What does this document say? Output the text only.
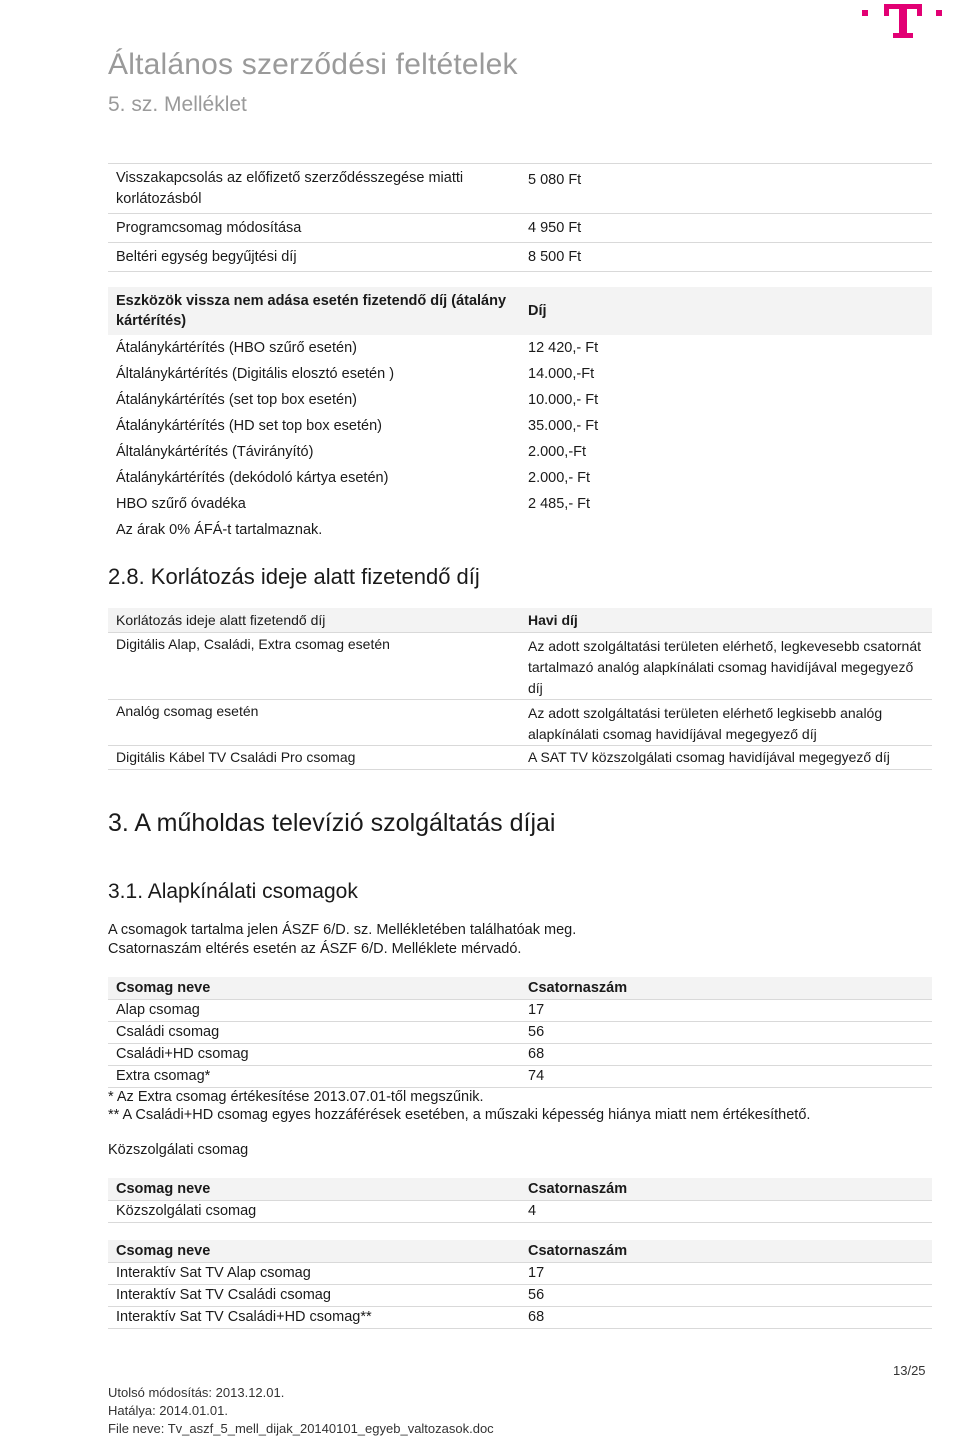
Általános szerződési feltételek
5. sz. Melléklet
Visszakapcsolás az előfizető szerződésszegése miatti korlátozásból	5 080 Ft
Programcsomag módosítása	4 950 Ft
Beltéri egység begyűjtési díj	8 500 Ft

Eszközök vissza nem adása esetén fizetendő díj (átalány kártérítés)	Díj
Átalánykártérítés (HBO szűrő esetén)	12 420,- Ft
Általánykártérítés (Digitális elosztó esetén )	14.000,-Ft
Átalánykártérítés (set top box esetén)	10.000,- Ft
Átalánykártérítés (HD set top box esetén)	35.000,- Ft
Általánykártérítés (Távirányító)	2.000,-Ft
Átalánykártérítés (dekódoló kártya esetén)	2.000,- Ft
HBO szűrő óvadéka	2 485,- Ft
Az árak 0% ÁFÁ-t tartalmaznak.	
2.8. Korlátozás ideje alatt fizetendő díj
Korlátozás ideje alatt fizetendő díj	Havi díj
Digitális Alap, Családi, Extra csomag esetén	Az adott szolgáltatási területen elérhető, legkevesebb csatornát tartalmazó analóg alapkínálati csomag havidíjával megegyező díj
Analóg csomag esetén	Az adott szolgáltatási területen elérhető legkisebb analóg alapkínálati csomag havidíjával megegyező díj
Digitális Kábel TV Családi Pro csomag	A SAT TV közszolgálati csomag havidíjával megegyező díj
3. A műholdas televízió szolgáltatás díjai
3.1. Alapkínálati csomagok
A csomagok tartalma jelen ÁSZF 6/D. sz. Mellékletében találhatóak meg.
Csatornaszám eltérés esetén az ÁSZF 6/D. Melléklete mérvadó.
Csomag neve	Csatornaszám
Alap csomag	17
Családi csomag	56
Családi+HD csomag	68
Extra csomag*	74
* Az Extra csomag értékesítése 2013.07.01-től megszűnik.
** A Családi+HD csomag egyes hozzáférések esetében, a műszaki képesség hiánya miatt nem értékesíthető.
Közszolgálati csomag
Csomag neve	Csatornaszám
Közszolgálati csomag	4
Csomag neve	Csatornaszám
Interaktív Sat TV Alap csomag	17
Interaktív Sat TV Családi csomag	56
Interaktív Sat TV Családi+HD csomag**	68
13/25
Utolsó módosítás: 2013.12.01.
Hatálya: 2014.01.01.
File neve: Tv_aszf_5_mell_dijak_20140101_egyeb_valtozasok.doc
